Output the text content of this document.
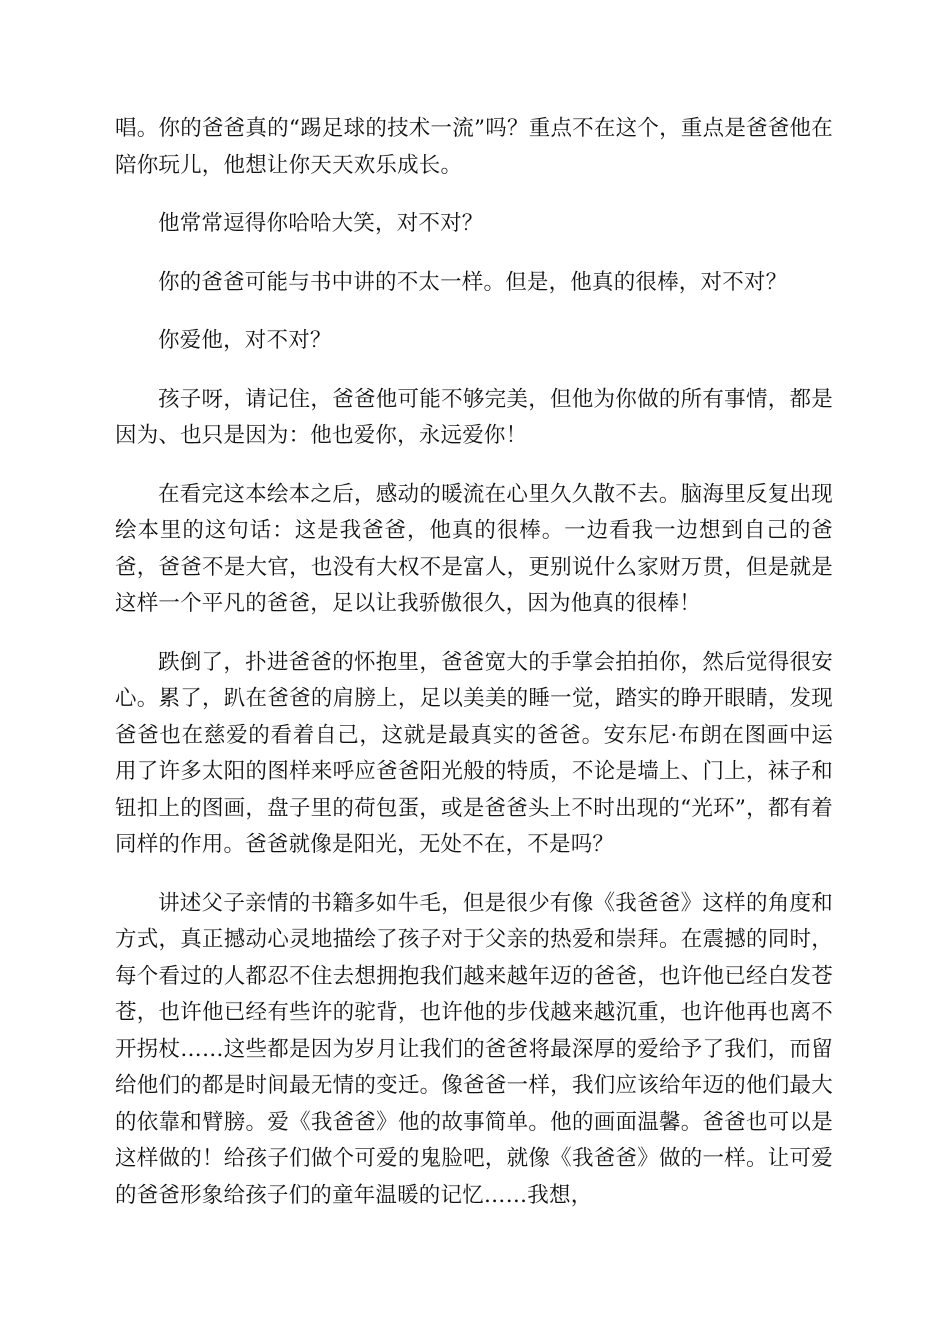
唱。你的爸爸真的“踢足球的技术一流”吗？重点不在这个，重点是爸爸他在陪你玩儿，他想让你天天欢乐成长。

他常常逗得你哈哈大笑，对不对？

你的爸爸可能与书中讲的不太一样。但是，他真的很棒，对不对？

你爱他，对不对？

孩子呀，请记住，爸爸他可能不够完美，但他为你做的所有事情，都是因为、也只是因为：他也爱你，永远爱你！

在看完这本绘本之后，感动的暖流在心里久久散不去。脑海里反复出现绘本里的这句话：这是我爸爸，他真的很棒。一边看我一边想到自己的爸爸，爸爸不是大官，也没有大权不是富人，更别说什么家财万贯，但是就是这样一个平凡的爸爸，足以让我骄傲很久，因为他真的很棒！

跌倒了，扑进爸爸的怀抱里，爸爸宽大的手掌会拍拍你，然后觉得很安心。累了，趴在爸爸的肩膀上，足以美美的睡一觉，踏实的睁开眼睛，发现爸爸也在慈爱的看着自己，这就是最真实的爸爸。安东尼·布朗在图画中运用了许多太阳的图样来呼应爸爸阳光般的特质，不论是墙上、门上，袜子和钮扣上的图画，盘子里的荷包蛋，或是爸爸头上不时出现的“光环”，都有着同样的作用。爸爸就像是阳光，无处不在，不是吗？

讲述父子亲情的书籍多如牛毛，但是很少有像《我爸爸》这样的角度和方式，真正撼动心灵地描绘了孩子对于父亲的热爱和崇拜。在震撼的同时，每个看过的人都忍不住去想拥抱我们越来越年迈的爸爸，也许他已经白发苍苍，也许他已经有些许的驼背，也许他的步伐越来越沉重，也许他再也离不开拐杖……这些都是因为岁月让我们的爸爸将最深厚的爱给予了我们，而留给他们的都是时间最无情的变迁。像爸爸一样，我们应该给年迈的他们最大的依靠和臂膀。爱《我爸爸》他的故事简单。他的画面温馨。爸爸也可以是这样做的！给孩子们做个可爱的鬼脸吧，就像《我爸爸》做的一样。让可爱的爸爸形象给孩子们的童年温暖的记忆……我想，
